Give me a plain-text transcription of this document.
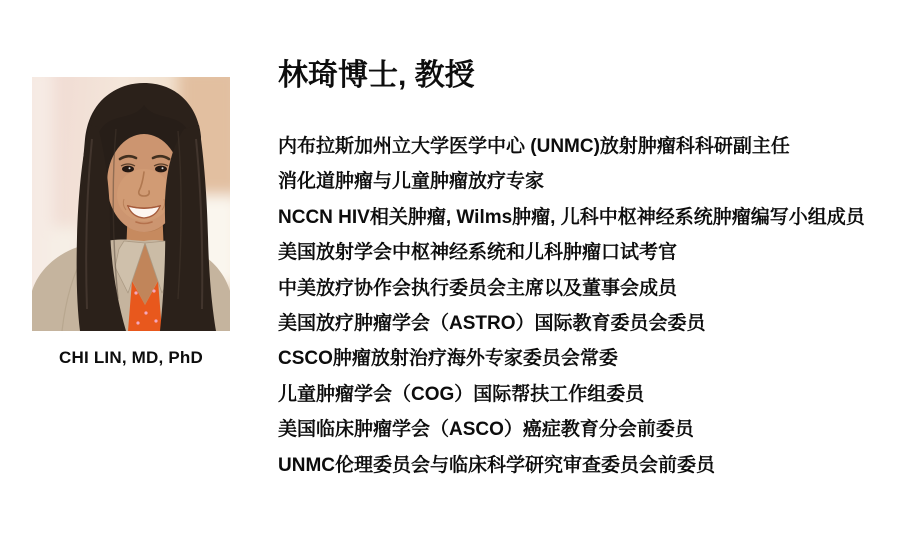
CHI LIN, MD, PhD
林琦博士, 教授
内布拉斯加州立大学医学中心 (UNMC)放射肿瘤科科研副主任
消化道肿瘤与儿童肿瘤放疗专家
NCCN HIV相关肿瘤, Wilms肿瘤, 儿科中枢神经系统肿瘤编写小组成员
美国放射学会中枢神经系统和儿科肿瘤口试考官
中美放疗协作会执行委员会主席以及董事会成员
美国放疗肿瘤学会（ASTRO）国际教育委员会委员
CSCO肿瘤放射治疗海外专家委员会常委
儿童肿瘤学会（COG）国际帮扶工作组委员
美国临床肿瘤学会（ASCO）癌症教育分会前委员
UNMC伦理委员会与临床科学研究审查委员会前委员
